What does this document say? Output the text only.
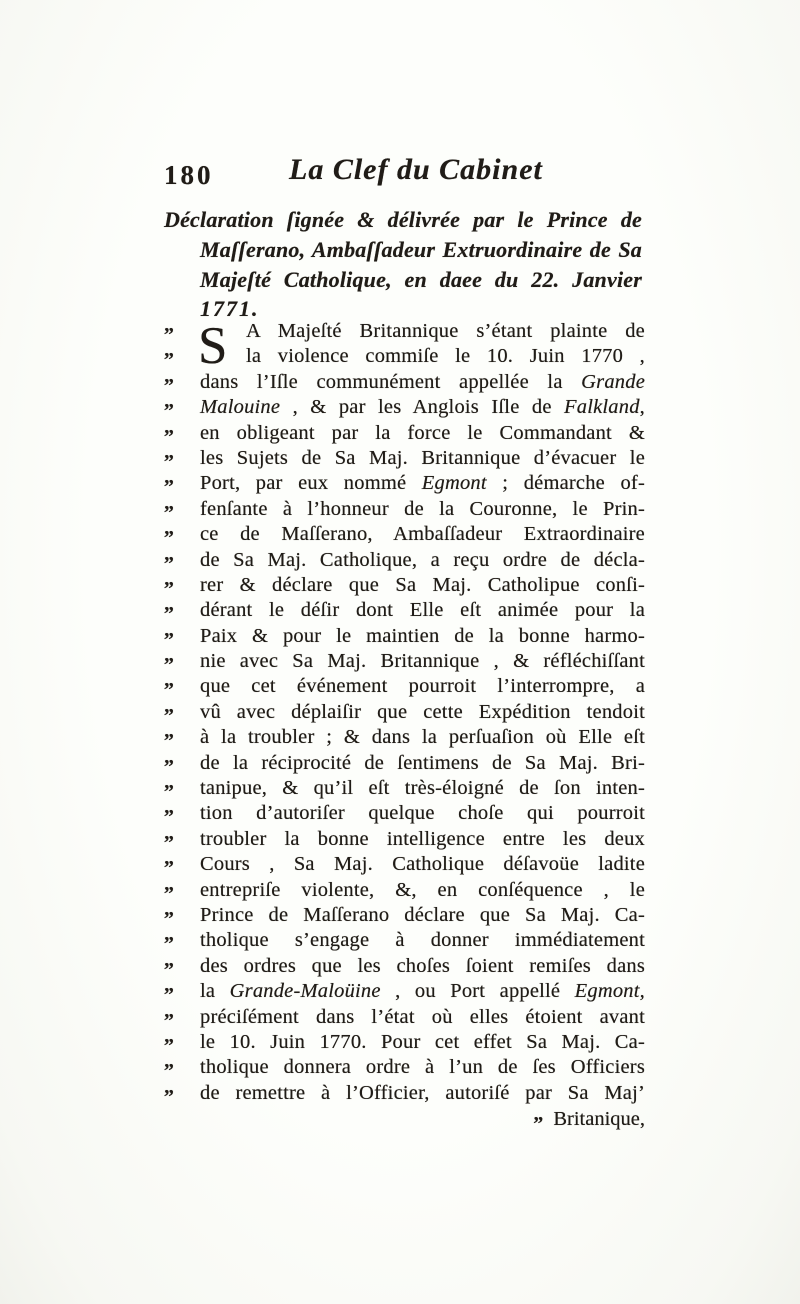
180	La Clef du Cabinet
Déclaration ſignée & délivrée par le Prince de
Maſſerano, Ambaſſadeur Extruordinaire de Sa
Majeſté Catholique, en daee du 22. Janvier
1771.
S
„	A Majeſté Britannique s’étant plainte de
„	la violence commiſe le 10. Juin 1770 ,
„	dans l’Iſle communément appellée la Grande
„	Malouine , & par les Anglois Iſle de Falkland,
„	en obligeant par la force le Commandant &
„	les Sujets de Sa Maj. Britannique d’évacuer le
„	Port, par eux nommé Egmont ; démarche of-
„	fenſante à l’honneur de la Couronne, le Prin-
„	ce de Maſſerano, Ambaſſadeur Extraordinaire
„	de Sa Maj. Catholique, a reçu ordre de décla-
„	rer & déclare que Sa Maj. Catholipue conſi-
„	dérant le déſir dont Elle eſt animée pour la
„	Paix & pour le maintien de la bonne harmo-
„	nie avec Sa Maj. Britannique , & réfléchiſſant
„	que cet événement pourroit l’interrompre, a
„	vû avec déplaiſir que cette Expédition tendoit
„	à la troubler ; & dans la perſuaſion où Elle eſt
„	de la réciprocité de ſentimens de Sa Maj. Bri-
„	tanipue, & qu’il eſt très-éloigné de ſon inten-
„	tion d’autoriſer quelque choſe qui pourroit
„	troubler la bonne intelligence entre les deux
„	Cours , Sa Maj. Catholique déſavoüe ladite
„	entrepriſe violente, &, en conſéquence , le
„	Prince de Maſſerano déclare que Sa Maj. Ca-
„	tholique s’engage à donner immédiatement
„	des ordres que les choſes ſoient remiſes dans
„	la Grande-Maloüine , ou Port appellé Egmont,
„	préciſément dans l’état où elles étoient avant
„	le 10. Juin 1770. Pour cet effet Sa Maj. Ca-
„	tholique donnera ordre à l’un de ſes Officiers
„	de remettre à l’Officier, autoriſé par Sa Maj’
„ Britanique,
